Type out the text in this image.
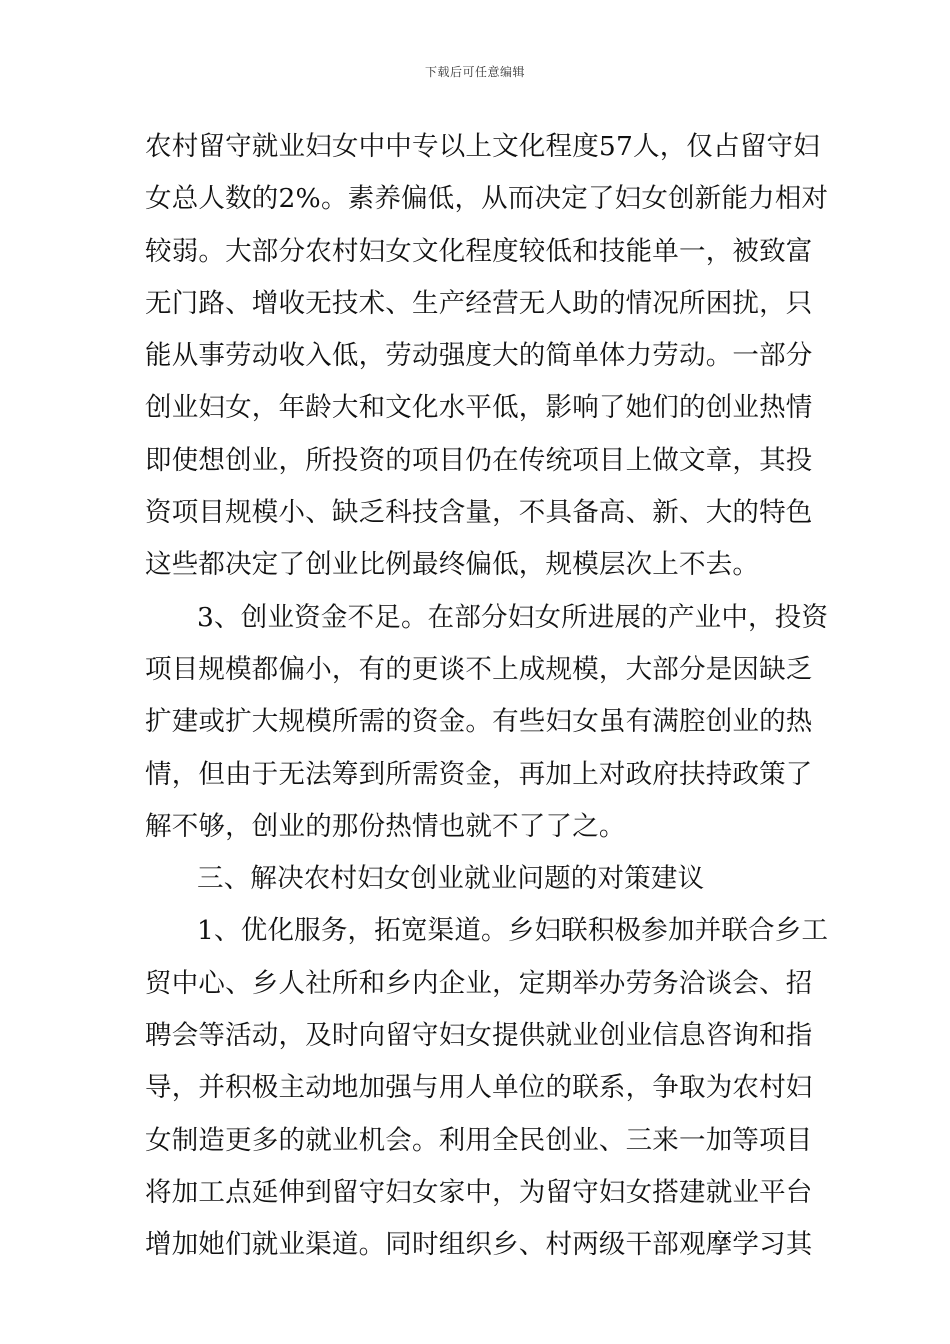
下载后可任意编辑
农村留守就业妇女中中专以上文化程度57人，仅占留守妇
女总人数的2%。素养偏低，从而决定了妇女创新能力相对
较弱。大部分农村妇女文化程度较低和技能单一，被致富
无门路、增收无技术、生产经营无人助的情况所困扰，只
能从事劳动收入低，劳动强度大的简单体力劳动。一部分
创业妇女，年龄大和文化水平低，影响了她们的创业热情
即使想创业，所投资的项目仍在传统项目上做文章，其投
资项目规模小、缺乏科技含量，不具备高、新、大的特色
这些都决定了创业比例最终偏低，规模层次上不去。
3、创业资金不足。在部分妇女所进展的产业中，投资
项目规模都偏小，有的更谈不上成规模，大部分是因缺乏
扩建或扩大规模所需的资金。有些妇女虽有满腔创业的热
情，但由于无法筹到所需资金，再加上对政府扶持政策了
解不够，创业的那份热情也就不了了之。
三、解决农村妇女创业就业问题的对策建议
1、优化服务，拓宽渠道。乡妇联积极参加并联合乡工
贸中心、乡人社所和乡内企业，定期举办劳务洽谈会、招
聘会等活动，及时向留守妇女提供就业创业信息咨询和指
导，并积极主动地加强与用人单位的联系，争取为农村妇
女制造更多的就业机会。利用全民创业、三来一加等项目
将加工点延伸到留守妇女家中，为留守妇女搭建就业平台
增加她们就业渠道。同时组织乡、村两级干部观摩学习其
